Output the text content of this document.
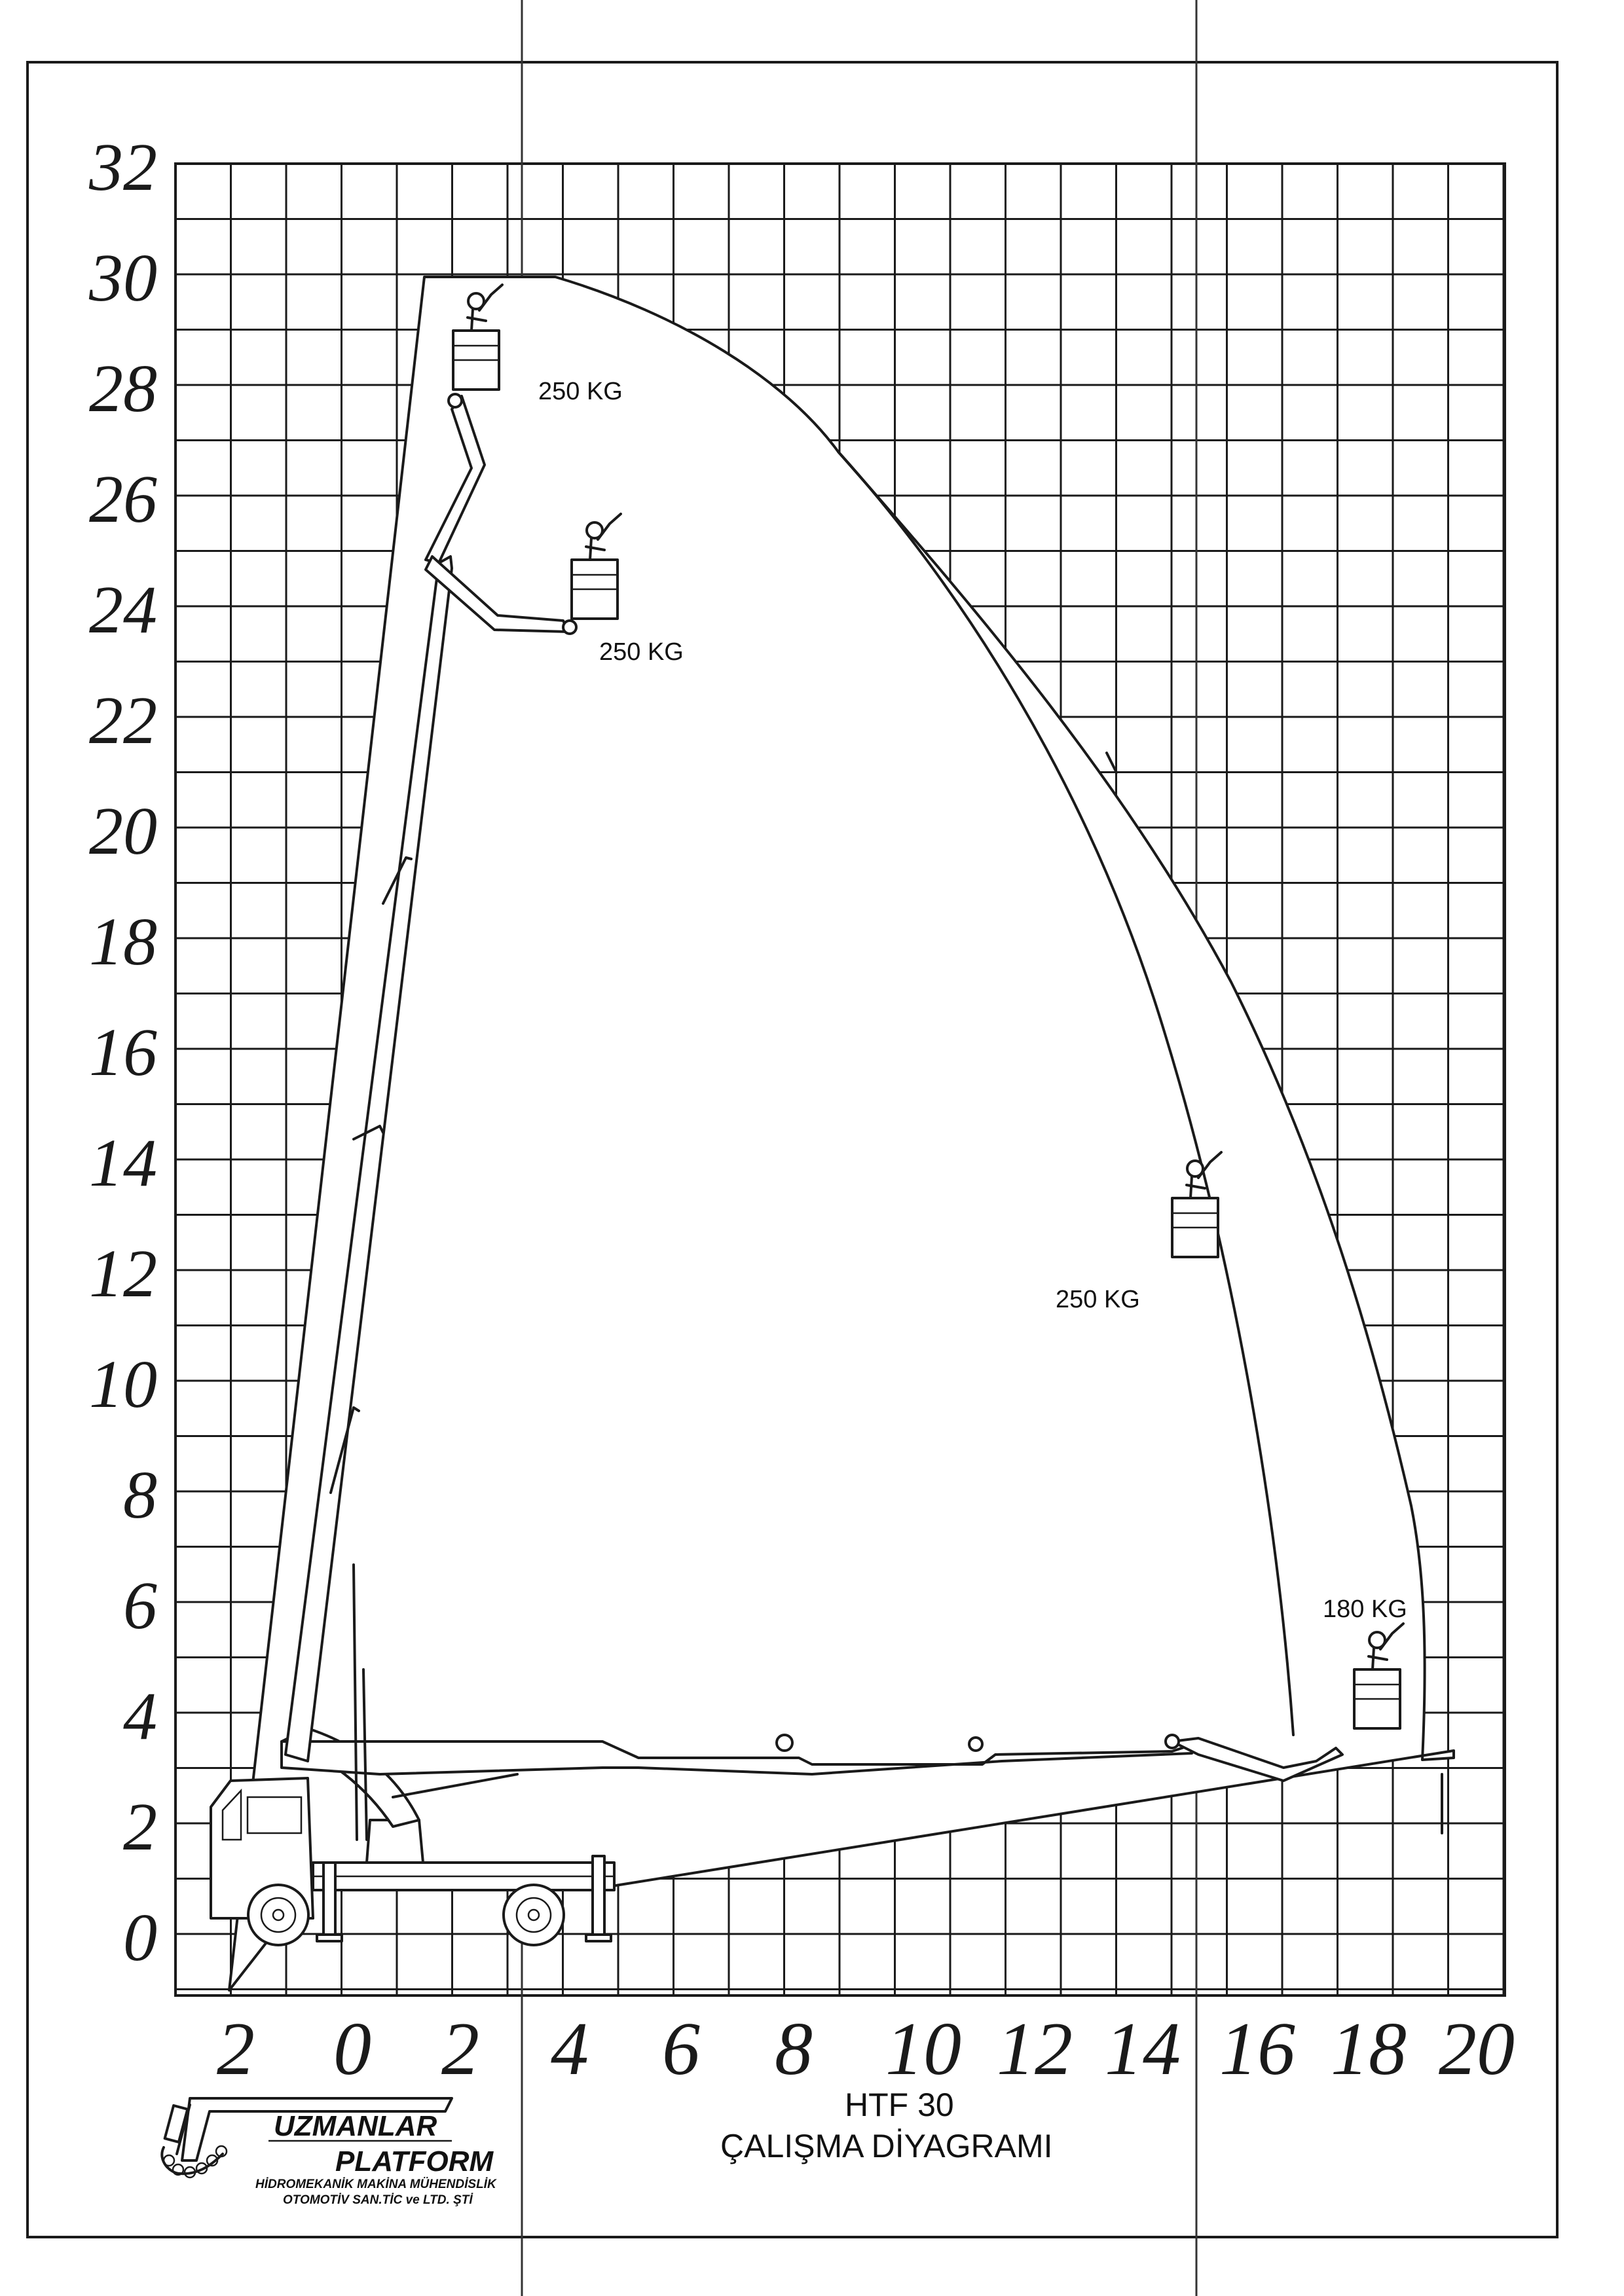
250 KG
250 KG
250 KG
180 KG
32
30
28
26
24
22
20
18
16
14
12
10
8
6
4
2
0
2 0 2 4 6 8 10 12 14 16 18 20
HTF 30
ÇALIŞMA DİYAGRAMI
UZMANLAR
PLATFORM
HİDROMEKANİK MAKİNA MÜHENDİSLİK
OTOMOTİV SAN.TİC ve LTD. ŞTİ
